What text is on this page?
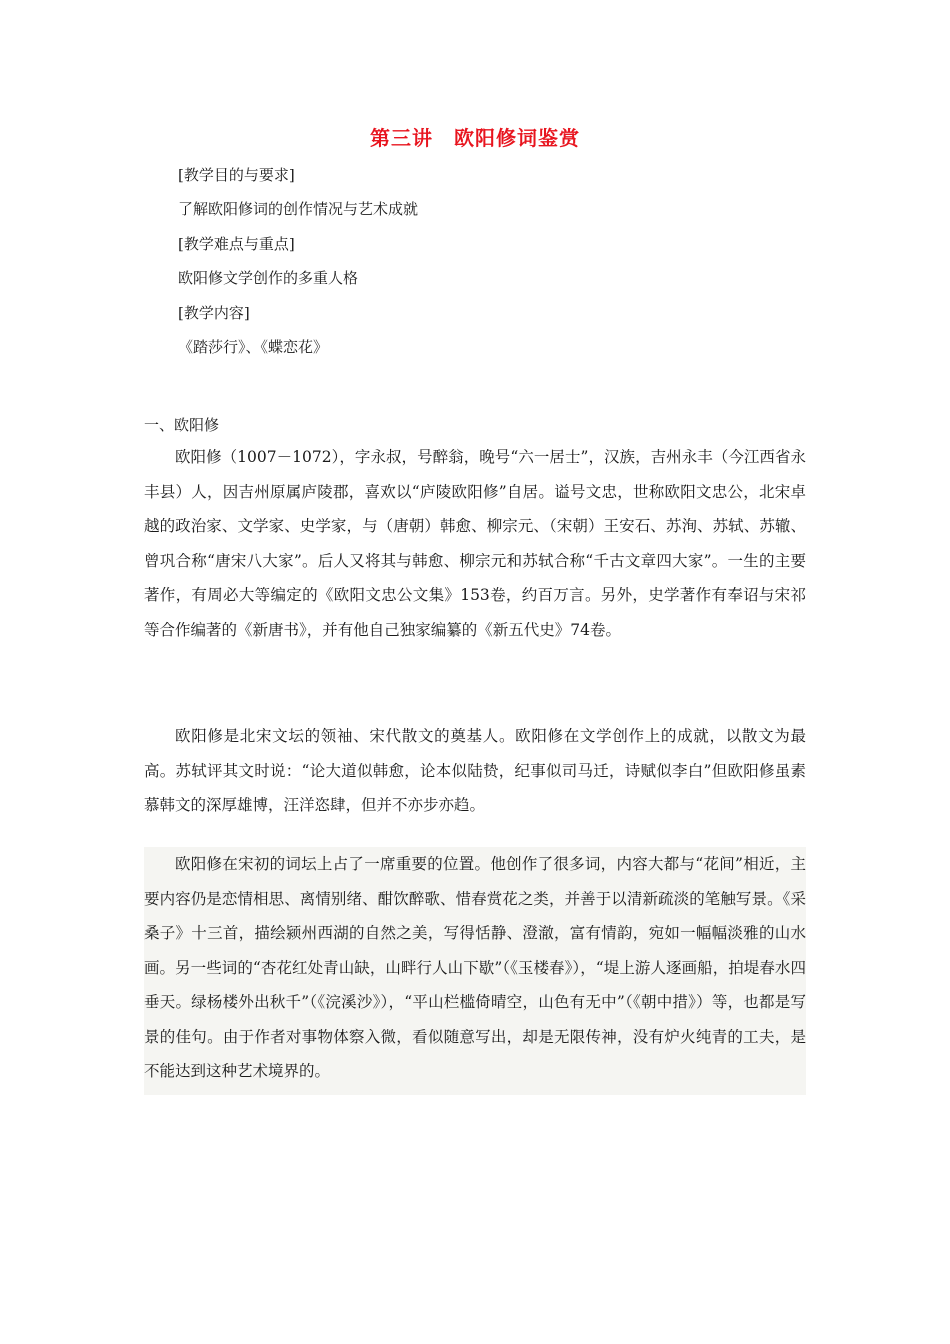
第三讲　欧阳修词鉴赏
[教学目的与要求]
了解欧阳修词的创作情况与艺术成就
[教学难点与重点]
欧阳修文学创作的多重人格
[教学内容]
《踏莎行》、《蝶恋花》
一、欧阳修

欧阳修（1007－1072），字永叔，号醉翁，晚号“六一居士”，汉族，吉州永丰（今江西省永丰县）人，因吉州原属庐陵郡，喜欢以“庐陵欧阳修”自居。谥号文忠，世称欧阳文忠公，北宋卓越的政治家、文学家、史学家，与（唐朝）韩愈、柳宗元、（宋朝）王安石、苏洵、苏轼、苏辙、曾巩合称“唐宋八大家”。后人又将其与韩愈、柳宗元和苏轼合称“千古文章四大家”。一生的主要著作，有周必大等编定的《欧阳文忠公文集》153卷，约百万言。另外，史学著作有奉诏与宋祁等合作编著的《新唐书》，并有他自己独家编纂的《新五代史》74卷。

欧阳修是北宋文坛的领袖、宋代散文的奠基人。欧阳修在文学创作上的成就，以散文为最高。苏轼评其文时说：“论大道似韩愈，论本似陆贽，纪事似司马迁，诗赋似李白”但欧阳修虽素慕韩文的深厚雄博，汪洋恣肆，但并不亦步亦趋。

欧阳修在宋初的词坛上占了一席重要的位置。他创作了很多词，内容大都与“花间”相近，主要内容仍是恋情相思、离情别绪、酣饮醉歌、惜春赏花之类，并善于以清新疏淡的笔触写景。《采桑子》十三首，描绘颍州西湖的自然之美，写得恬静、澄澈，富有情韵，宛如一幅幅淡雅的山水画。另一些词的“杏花红处青山缺，山畔行人山下歇”（《玉楼春》），“堤上游人逐画船，拍堤春水四垂天。绿杨楼外出秋千”（《浣溪沙》），“平山栏槛倚晴空，山色有无中”（《朝中措》）等，也都是写景的佳句。由于作者对事物体察入微，看似随意写出，却是无限传神，没有炉火纯青的工夫，是不能达到这种艺术境界的。
